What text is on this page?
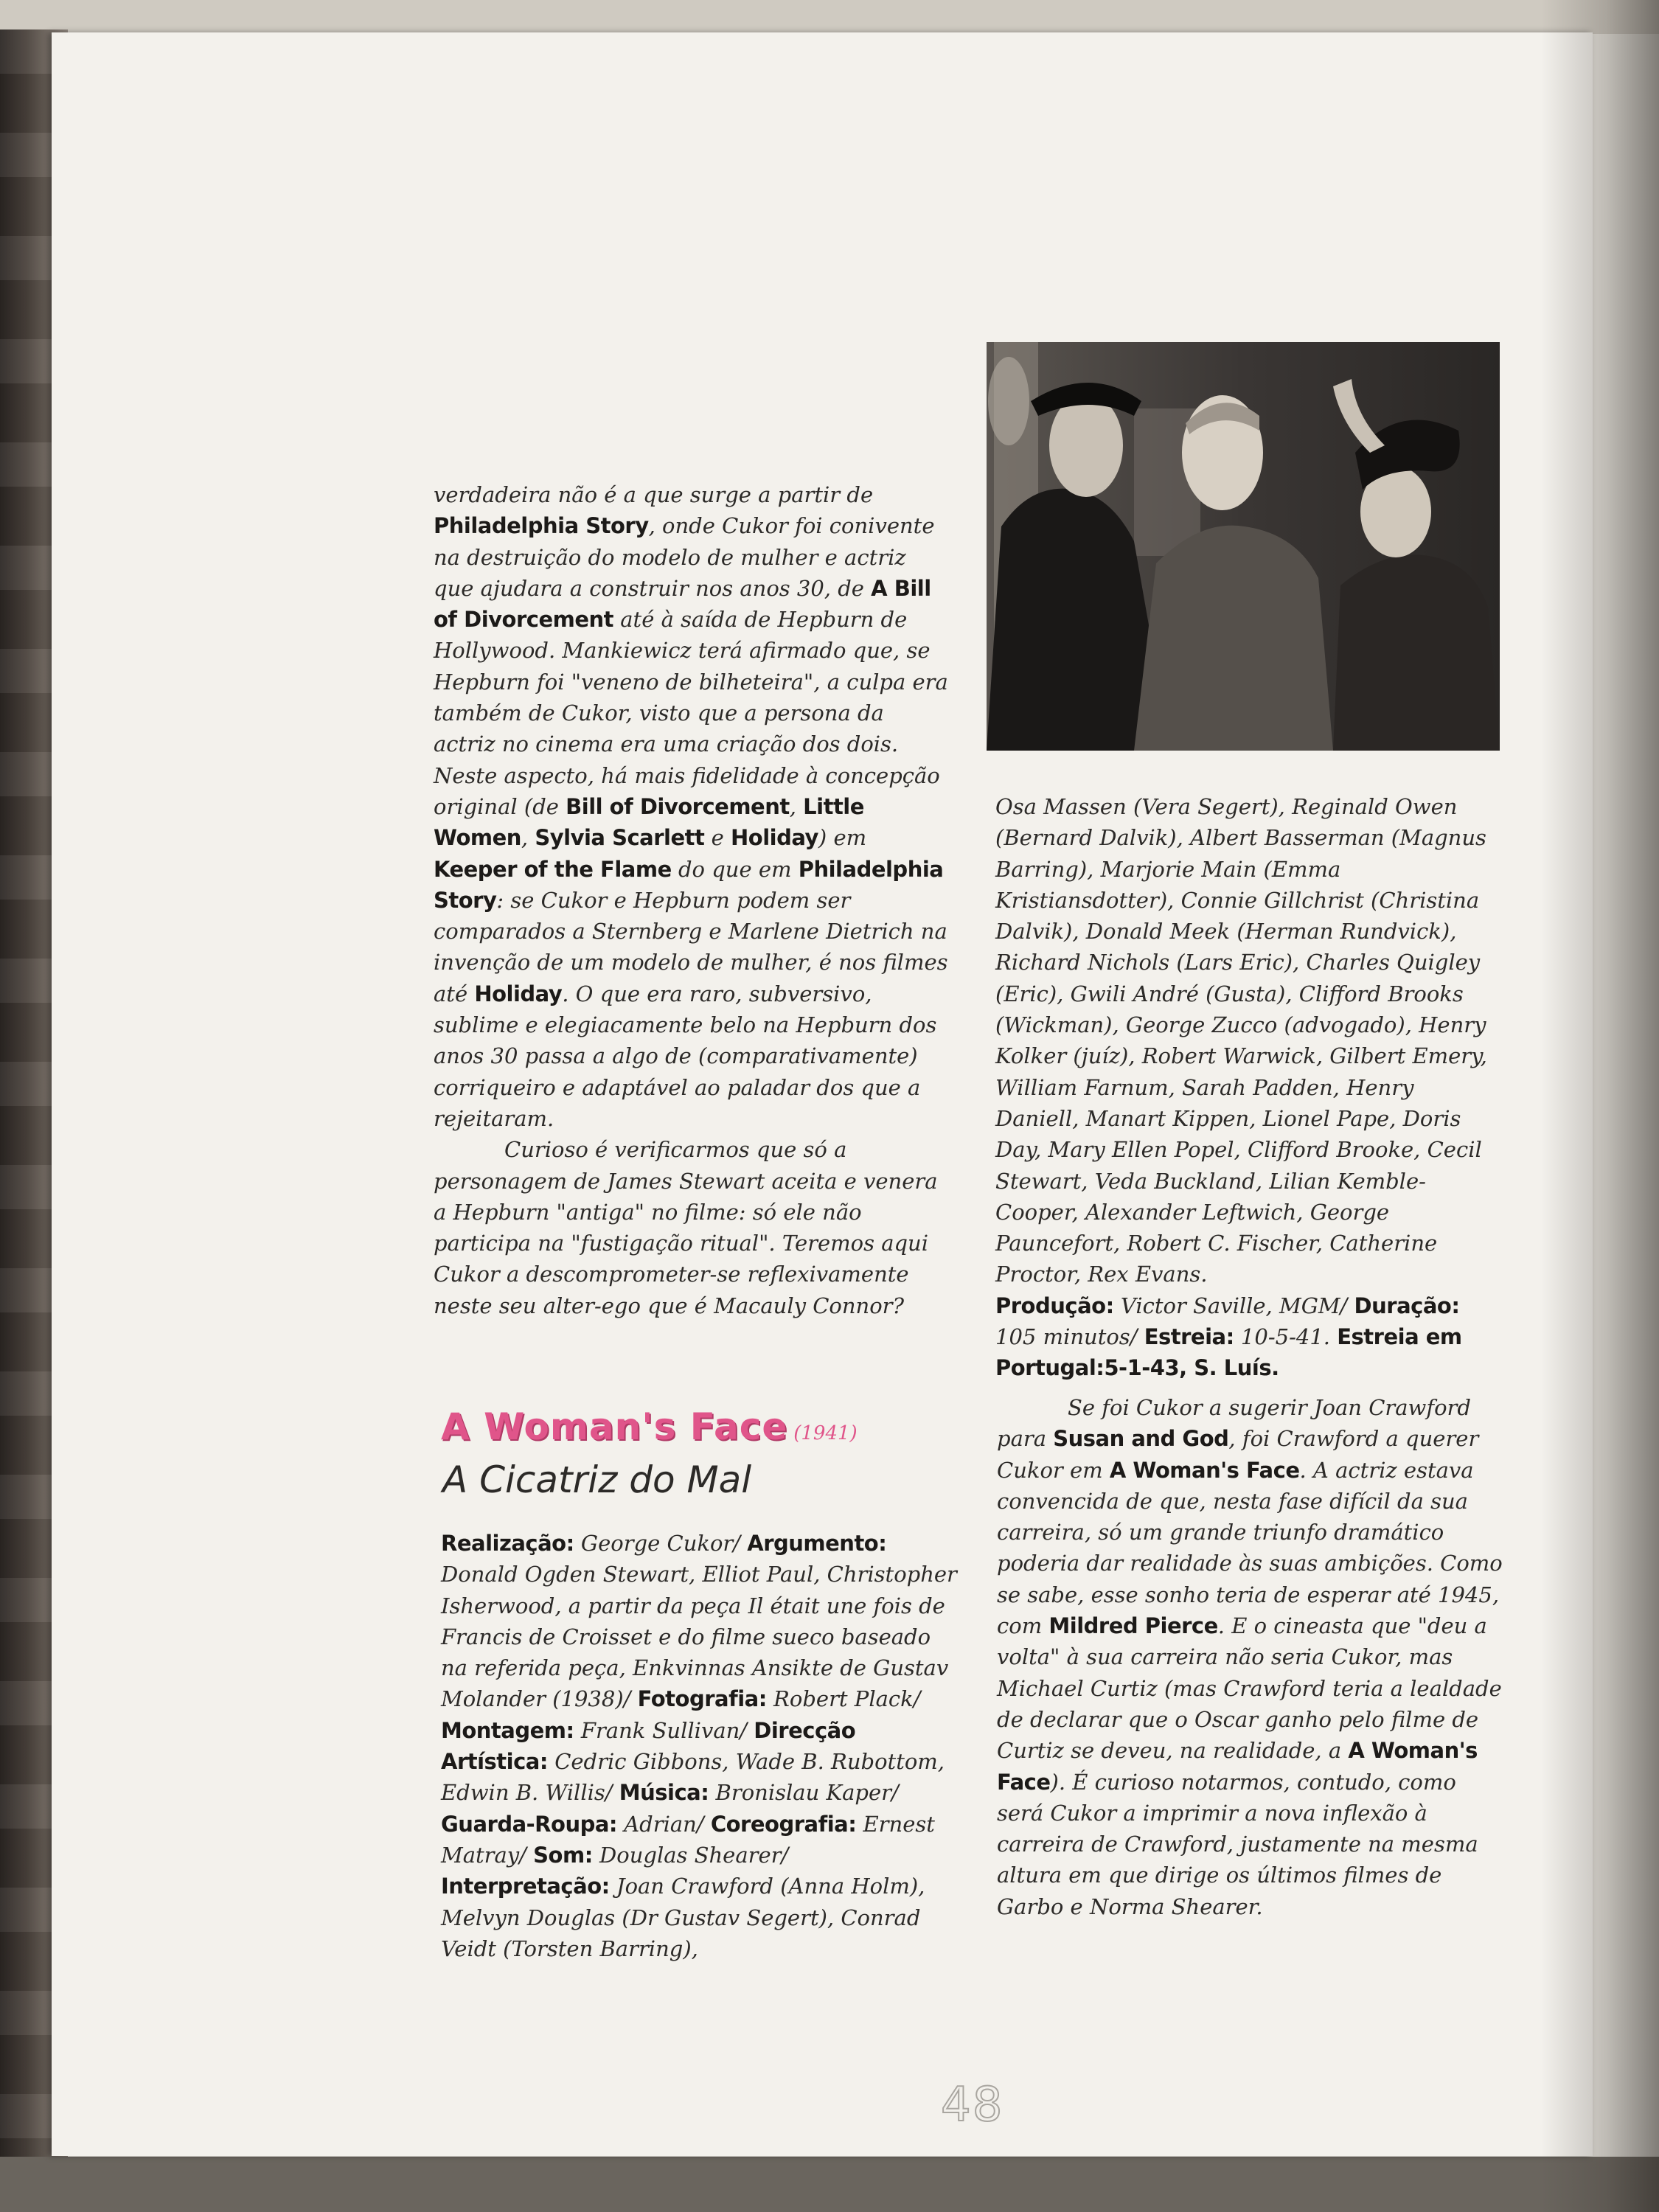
verdadeira não é a que surge a partir de Philadelphia Story, onde Cukor foi conivente na destruição do modelo de mulher e actriz que ajudara a construir nos anos 30, de A Bill of Divorcement até à saída de Hepburn de Hollywood. Mankiewicz terá afirmado que, se Hepburn foi "veneno de bilheteira", a culpa era também de Cukor, visto que a persona da actriz no cinema era uma criação dos dois. Neste aspecto, há mais fidelidade à concepção original (de Bill of Divorcement, Little Women, Sylvia Scarlett e Holiday) em Keeper of the Flame do que em Philadelphia Story: se Cukor e Hepburn podem ser comparados a Sternberg e Marlene Dietrich na invenção de um modelo de mulher, é nos filmes até Holiday. O que era raro, subversivo, sublime e elegiacamente belo na Hepburn dos anos 30 passa a algo de (comparativamente) corriqueiro e adaptável ao paladar dos que a rejeitaram.

Curioso é verificarmos que só a personagem de James Stewart aceita e venera a Hepburn "antiga" no filme: só ele não participa na "fustigação ritual". Teremos aqui Cukor a descomprometer-se reflexivamente neste seu alter-ego que é Macauly Connor?

Osa Massen (Vera Segert), Reginald Owen (Bernard Dalvik), Albert Basserman (Magnus Barring), Marjorie Main (Emma Kristiansdotter), Connie Gillchrist (Christina Dalvik), Donald Meek (Herman Rundvick), Richard Nichols (Lars Eric), Charles Quigley (Eric), Gwili André (Gusta), Clifford Brooks (Wickman), George Zucco (advogado), Henry Kolker (juíz), Robert Warwick, Gilbert Emery, William Farnum, Sarah Padden, Henry Daniell, Manart Kippen, Lionel Pape, Doris Day, Mary Ellen Popel, Clifford Brooke, Cecil Stewart, Veda Buckland, Lilian Kemble-Cooper, Alexander Leftwich, George Pauncefort, Robert C. Fischer, Catherine Proctor, Rex Evans.

Produção: Victor Saville, MGM/ Duração: 105 minutos/ Estreia: 10-5-41. Estreia em Portugal:5-1-43, S. Luís.

A Woman's Face (1941)
A Cicatriz do Mal

Realização: George Cukor/ Argumento: Donald Ogden Stewart, Elliot Paul, Christopher Isherwood, a partir da peça Il était une fois de Francis de Croisset e do filme sueco baseado na referida peça, Enkvinnas Ansikte de Gustav Molander (1938)/ Fotografia: Robert Plack/ Montagem: Frank Sullivan/ Direcção Artística: Cedric Gibbons, Wade B. Rubottom, Edwin B. Willis/ Música: Bronislau Kaper/ Guarda-Roupa: Adrian/ Coreografia: Ernest Matray/ Som: Douglas Shearer/ Interpretação: Joan Crawford (Anna Holm), Melvyn Douglas (Dr Gustav Segert), Conrad Veidt (Torsten Barring),

Se foi Cukor a sugerir Joan Crawford para Susan and God, foi Crawford a querer Cukor em A Woman's Face. A actriz estava convencida de que, nesta fase difícil da sua carreira, só um grande triunfo dramático poderia dar realidade às suas ambições. Como se sabe, esse sonho teria de esperar até 1945, com Mildred Pierce. E o cineasta que "deu a volta" à sua carreira não seria Cukor, mas Michael Curtiz (mas Crawford teria a lealdade de declarar que o Oscar ganho pelo filme de Curtiz se deveu, na realidade, a A Woman's Face). É curioso notarmos, contudo, como será Cukor a imprimir a nova inflexão à carreira de Crawford, justamente na mesma altura em que dirige os últimos filmes de Garbo e Norma Shearer.

48
